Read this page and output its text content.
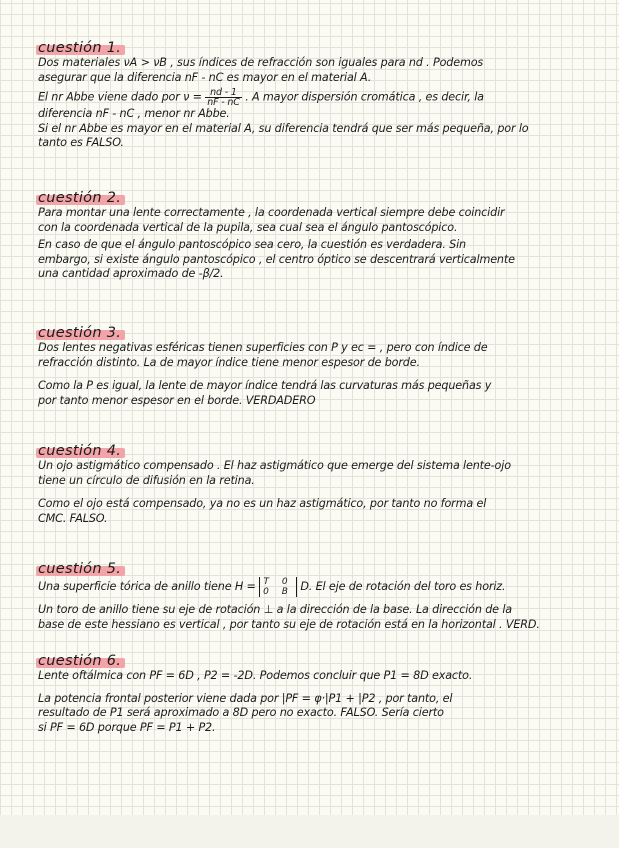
cuestión 1.

Dos materiales νA > νB , sus índices de refracción son iguales para nd . Podemos
asegurar que la diferencia nF - nC es mayor en el material A.

El nr Abbe viene dado por $\nu = \frac{nd - 1}{nF - nC}$ . A mayor dispersión cromática , es decir, la
diferencia nF - nC , menor nr Abbe.
Si el nr Abbe es mayor en el material A, su diferencia tendrá que ser más pequeña, por lo
tanto es FALSO.

cuestión 2.

Para montar una lente correctamente , la coordenada vertical siempre debe coincidir
con la coordenada vertical de la pupila, sea cual sea el ángulo pantoscópico.

En caso de que el ángulo pantoscópico sea cero, la cuestión es verdadera. Sin
embargo, si existe ángulo pantoscópico , el centro óptico se descentrará verticalmente
una cantidad aproximado de -β/2.

cuestión 3.

Dos lentes negativas esféricas tienen superficies con P y ec = , pero con índice de
refracción distinto. La de mayor índice tiene menor espesor de borde.

Como la P es igual, la lente de mayor índice tendrá las curvaturas más pequeñas y
por tanto menor espesor en el borde. VERDADERO

cuestión 4.

Un ojo astigmático compensado . El haz astigmático que emerge del sistema lente-ojo
tiene un círculo de difusión en la retina.

Como el ojo está compensado, ya no es un haz astigmático, por tanto no forma el
CMC. FALSO.

cuestión 5.

Una superficie tórica de anillo tiene H = T 0
0 B D. El eje de rotación del toro es horiz.

Un toro de anillo tiene su eje de rotación ⊥ a la dirección de la base. La dirección de la
base de este hessiano es vertical , por tanto su eje de rotación está en la horizontal . VERD.

cuestión 6.

Lente oftálmica con PF = 6D , P2 = -2D. Podemos concluir que P1 = 8D exacto.

La potencia frontal posterior viene dada por |PF = φ·|P1 + |P2 , por tanto, el
resultado de P1 será aproximado a 8D pero no exacto. FALSO. Sería cierto
si PF = 6D porque PF = P1 + P2.
